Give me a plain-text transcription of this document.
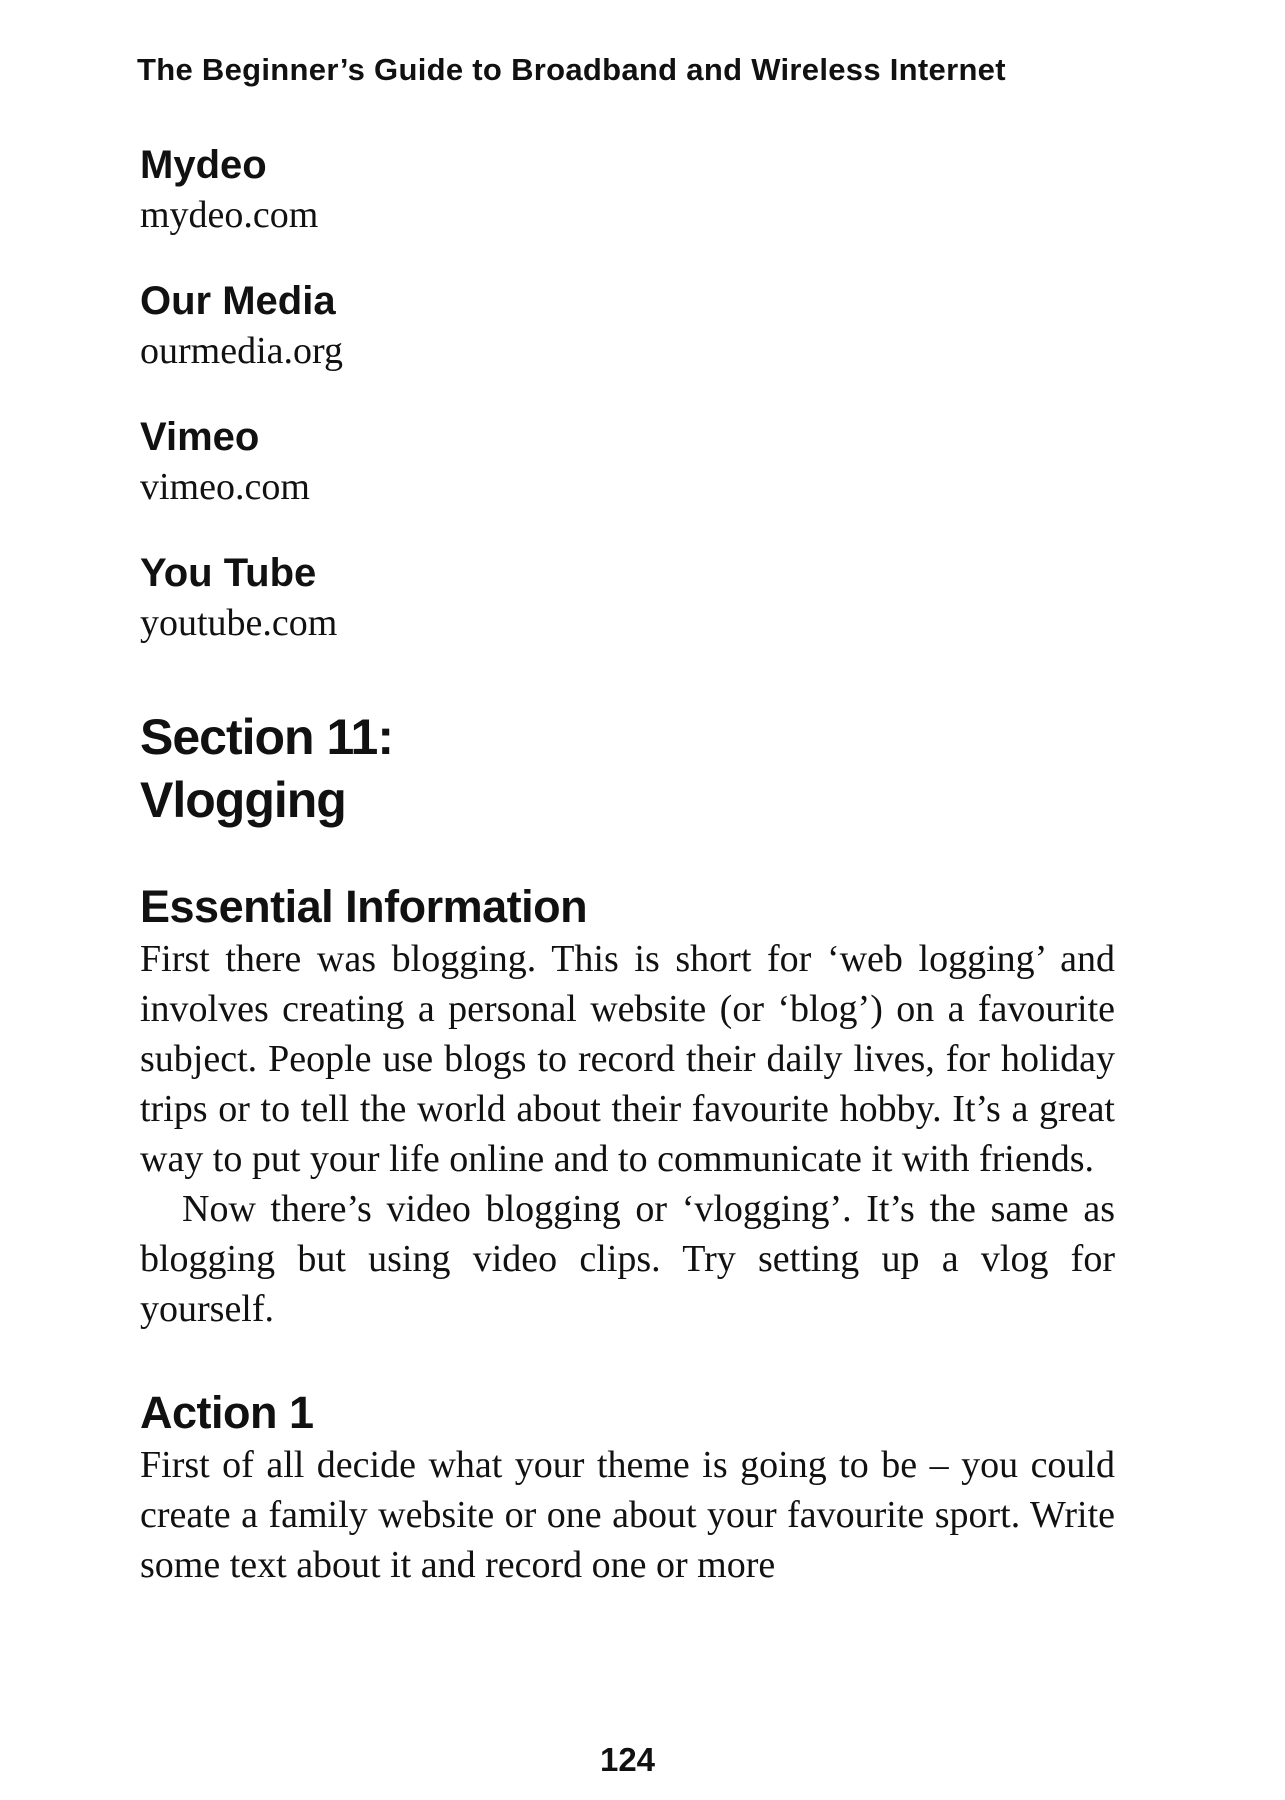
The Beginner’s Guide to Broadband and Wireless Internet
Mydeo
mydeo.com
Our Media
ourmedia.org
Vimeo
vimeo.com
You Tube
youtube.com
Section 11:
Vlogging
Essential Information

First there was blogging. This is short for ‘web logging’ and involves creating a personal website (or ‘blog’) on a favourite subject. People use blogs to record their daily lives, for holiday trips or to tell the world about their favourite hobby. It’s a great way to put your life online and to communicate it with friends.

Now there’s video blogging or ‘vlogging’. It’s the same as blogging but using video clips. Try setting up a vlog for yourself.

Action 1

First of all decide what your theme is going to be – you could create a family website or one about your favourite sport. Write some text about it and record one or more

124
